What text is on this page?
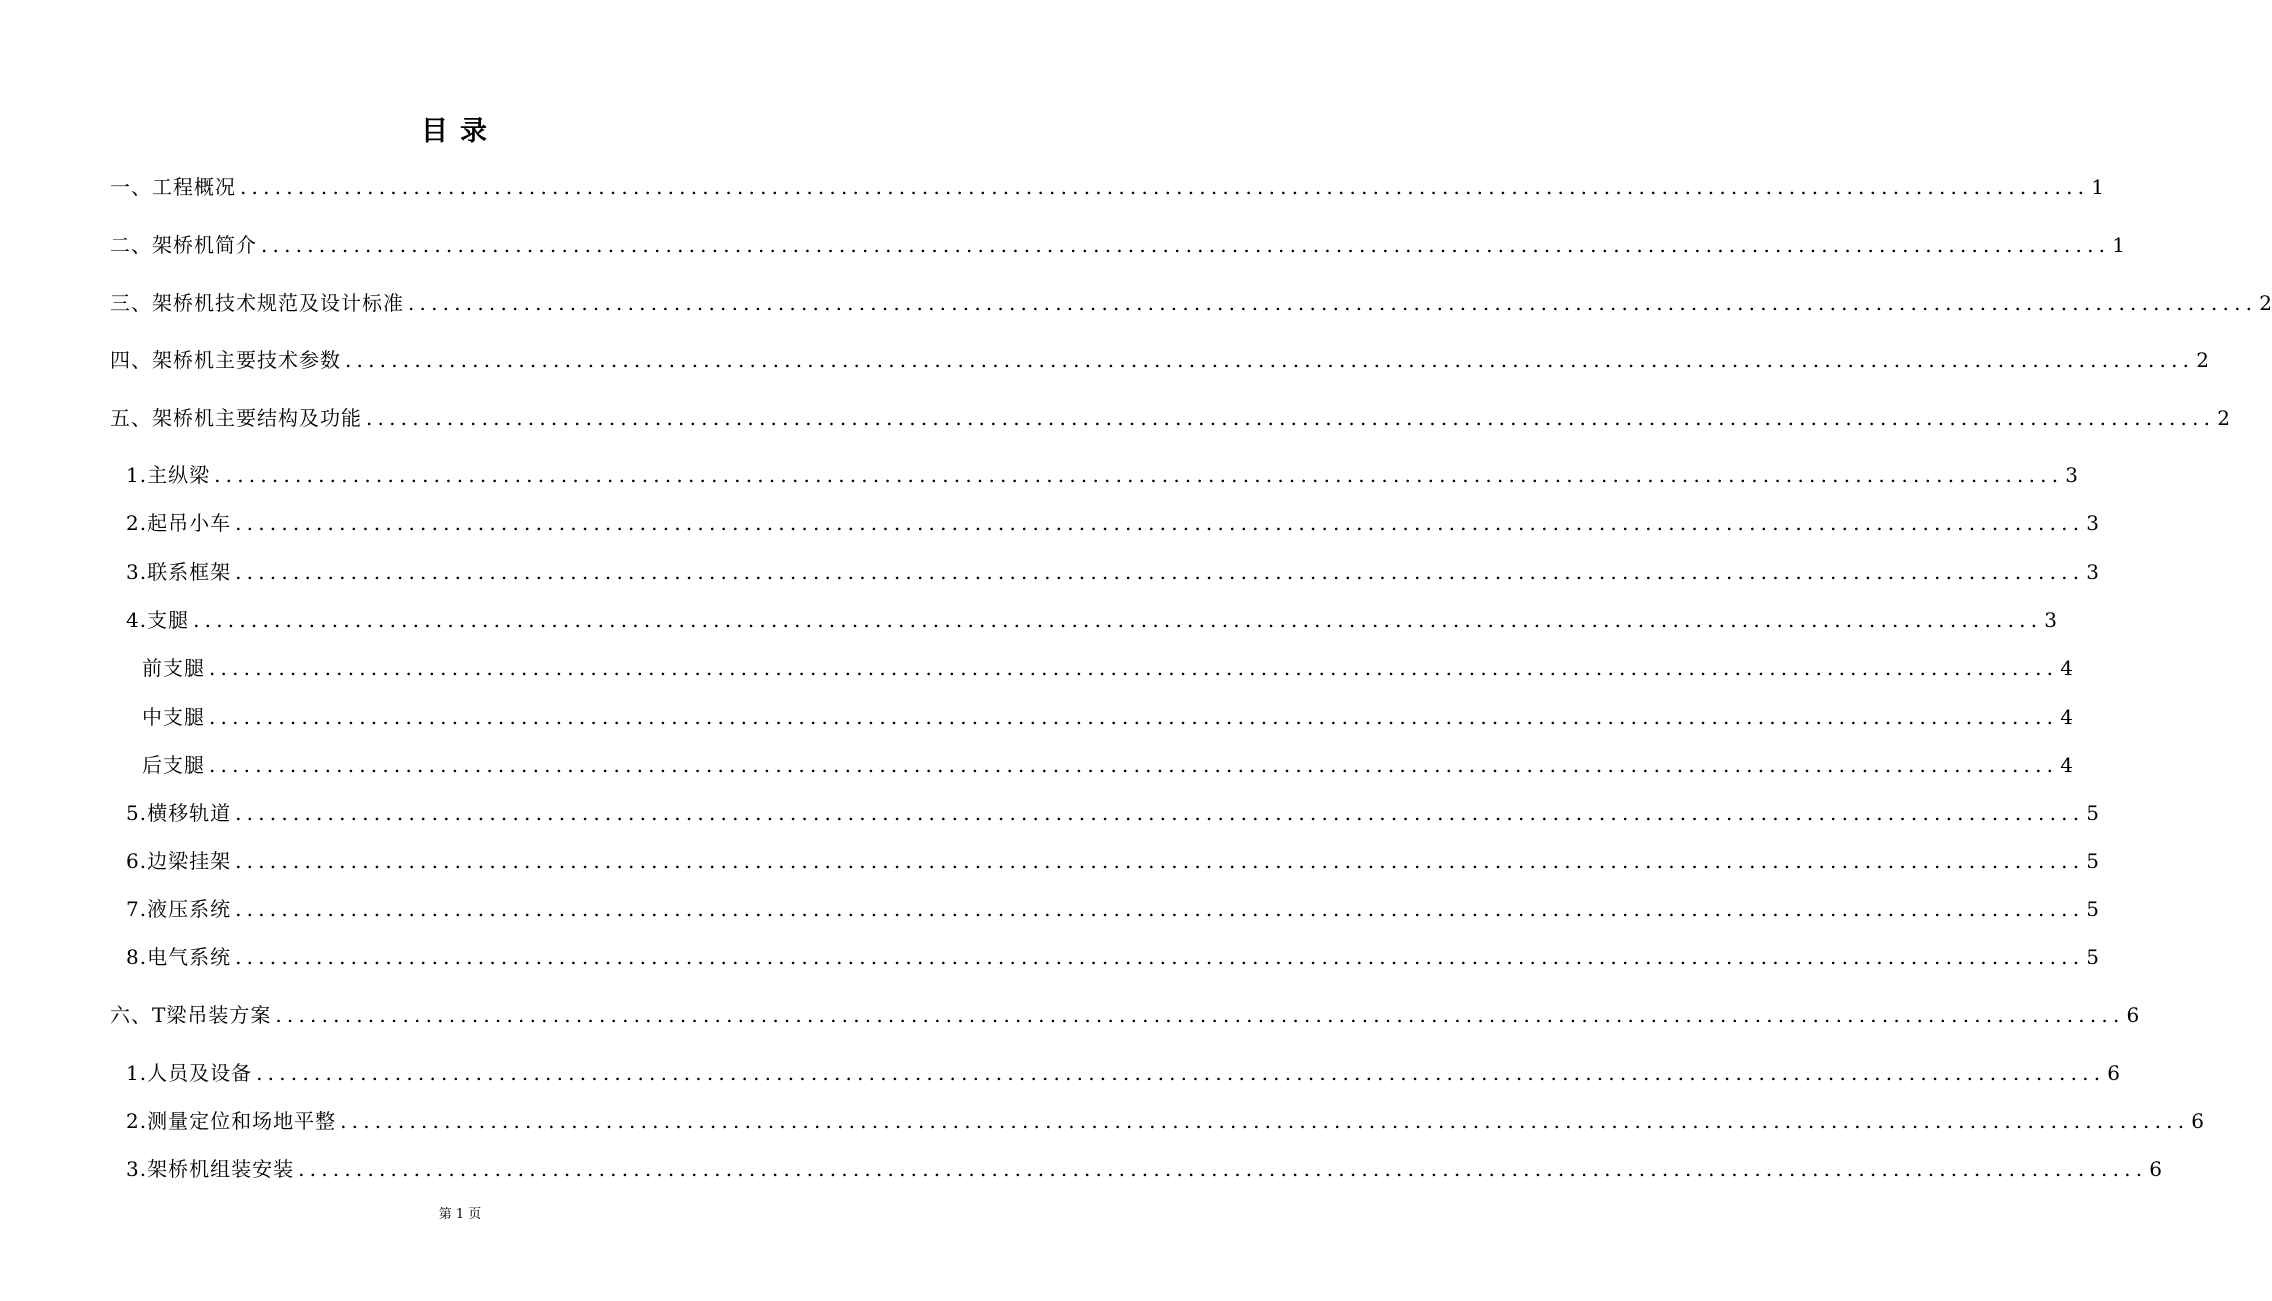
目录
一、工程概况 ................................................................................................................................................................ 1
二、架桥机简介 ................................................................................................................................................................ 1
三、架桥机技术规范及设计标准 ................................................................................................................................................................ 2
四、架桥机主要技术参数 ................................................................................................................................................................ 2
五、架桥机主要结构及功能 ................................................................................................................................................................ 2
1.主纵梁 ................................................................................................................................................................ 3
2.起吊小车 ................................................................................................................................................................ 3
3.联系框架 ................................................................................................................................................................ 3
4.支腿 ................................................................................................................................................................ 3
前支腿 ................................................................................................................................................................ 4
中支腿 ................................................................................................................................................................ 4
后支腿 ................................................................................................................................................................ 4
5.横移轨道 ................................................................................................................................................................ 5
6.边梁挂架 ................................................................................................................................................................ 5
7.液压系统 ................................................................................................................................................................ 5
8.电气系统 ................................................................................................................................................................ 5
六、T梁吊装方案 ................................................................................................................................................................ 6
1.人员及设备 ................................................................................................................................................................ 6
2.测量定位和场地平整 ................................................................................................................................................................ 6
3.架桥机组装安装 ................................................................................................................................................................ 6
第 1 页
